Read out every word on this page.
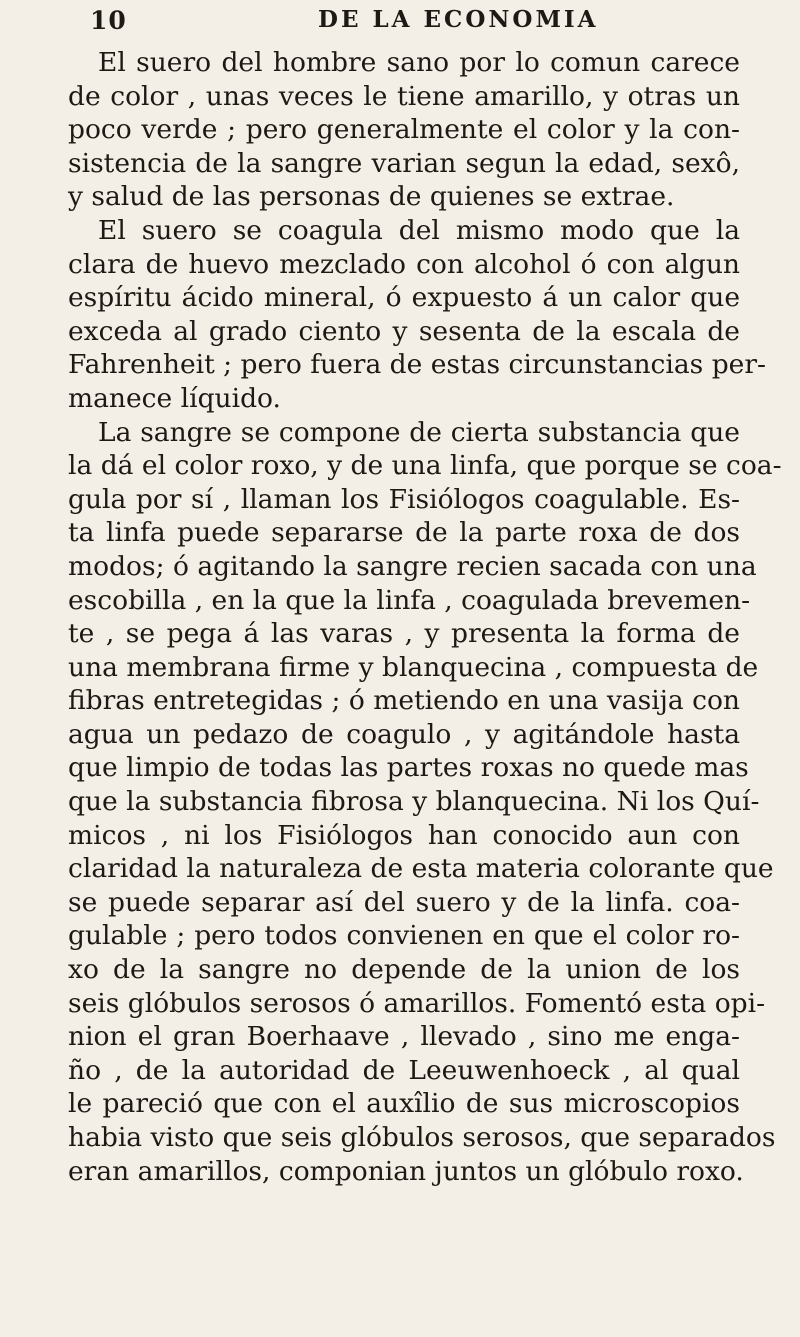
10	DE LA ECONOMIA
El suero del hombre sano por lo comun carece
de color , unas veces le tiene amarillo, y otras un
poco verde ; pero generalmente el color y la con-
sistencia de la sangre varian segun la edad, sexô,
y salud de las personas de quienes se extrae.
El suero se coagula del mismo modo que la
clara de huevo mezclado con alcohol ó con algun
espíritu ácido mineral, ó expuesto á un calor que
exceda al grado ciento y sesenta de la escala de
Fahrenheit ; pero fuera de estas circunstancias per-
manece líquido.
La sangre se compone de cierta substancia que
la dá el color roxo, y de una linfa, que porque se coa-
gula por sí , llaman los Fisiólogos coagulable. Es-
ta linfa puede separarse de la parte roxa de dos
modos; ó agitando la sangre recien sacada con una
escobilla , en la que la linfa , coagulada brevemen-
te , se pega á las varas , y presenta la forma de
una membrana firme y blanquecina , compuesta de
fibras entretegidas ; ó metiendo en una vasija con
agua un pedazo de coagulo , y agitándole hasta
que limpio de todas las partes roxas no quede mas
que la substancia fibrosa y blanquecina. Ni los Quí-
micos , ni los Fisiólogos han conocido aun con
claridad la naturaleza de esta materia colorante que
se puede separar así del suero y de la linfa. coa-
gulable ; pero todos convienen en que el color ro-
xo de la sangre no depende de la union de los
seis glóbulos serosos ó amarillos. Fomentó esta opi-
nion el gran Boerhaave , llevado , sino me enga-
ño , de la autoridad de Leeuwenhoeck , al qual
le pareció que con el auxîlio de sus microscopios
habia visto que seis glóbulos serosos, que separados
eran amarillos, componian juntos un glóbulo roxo.
